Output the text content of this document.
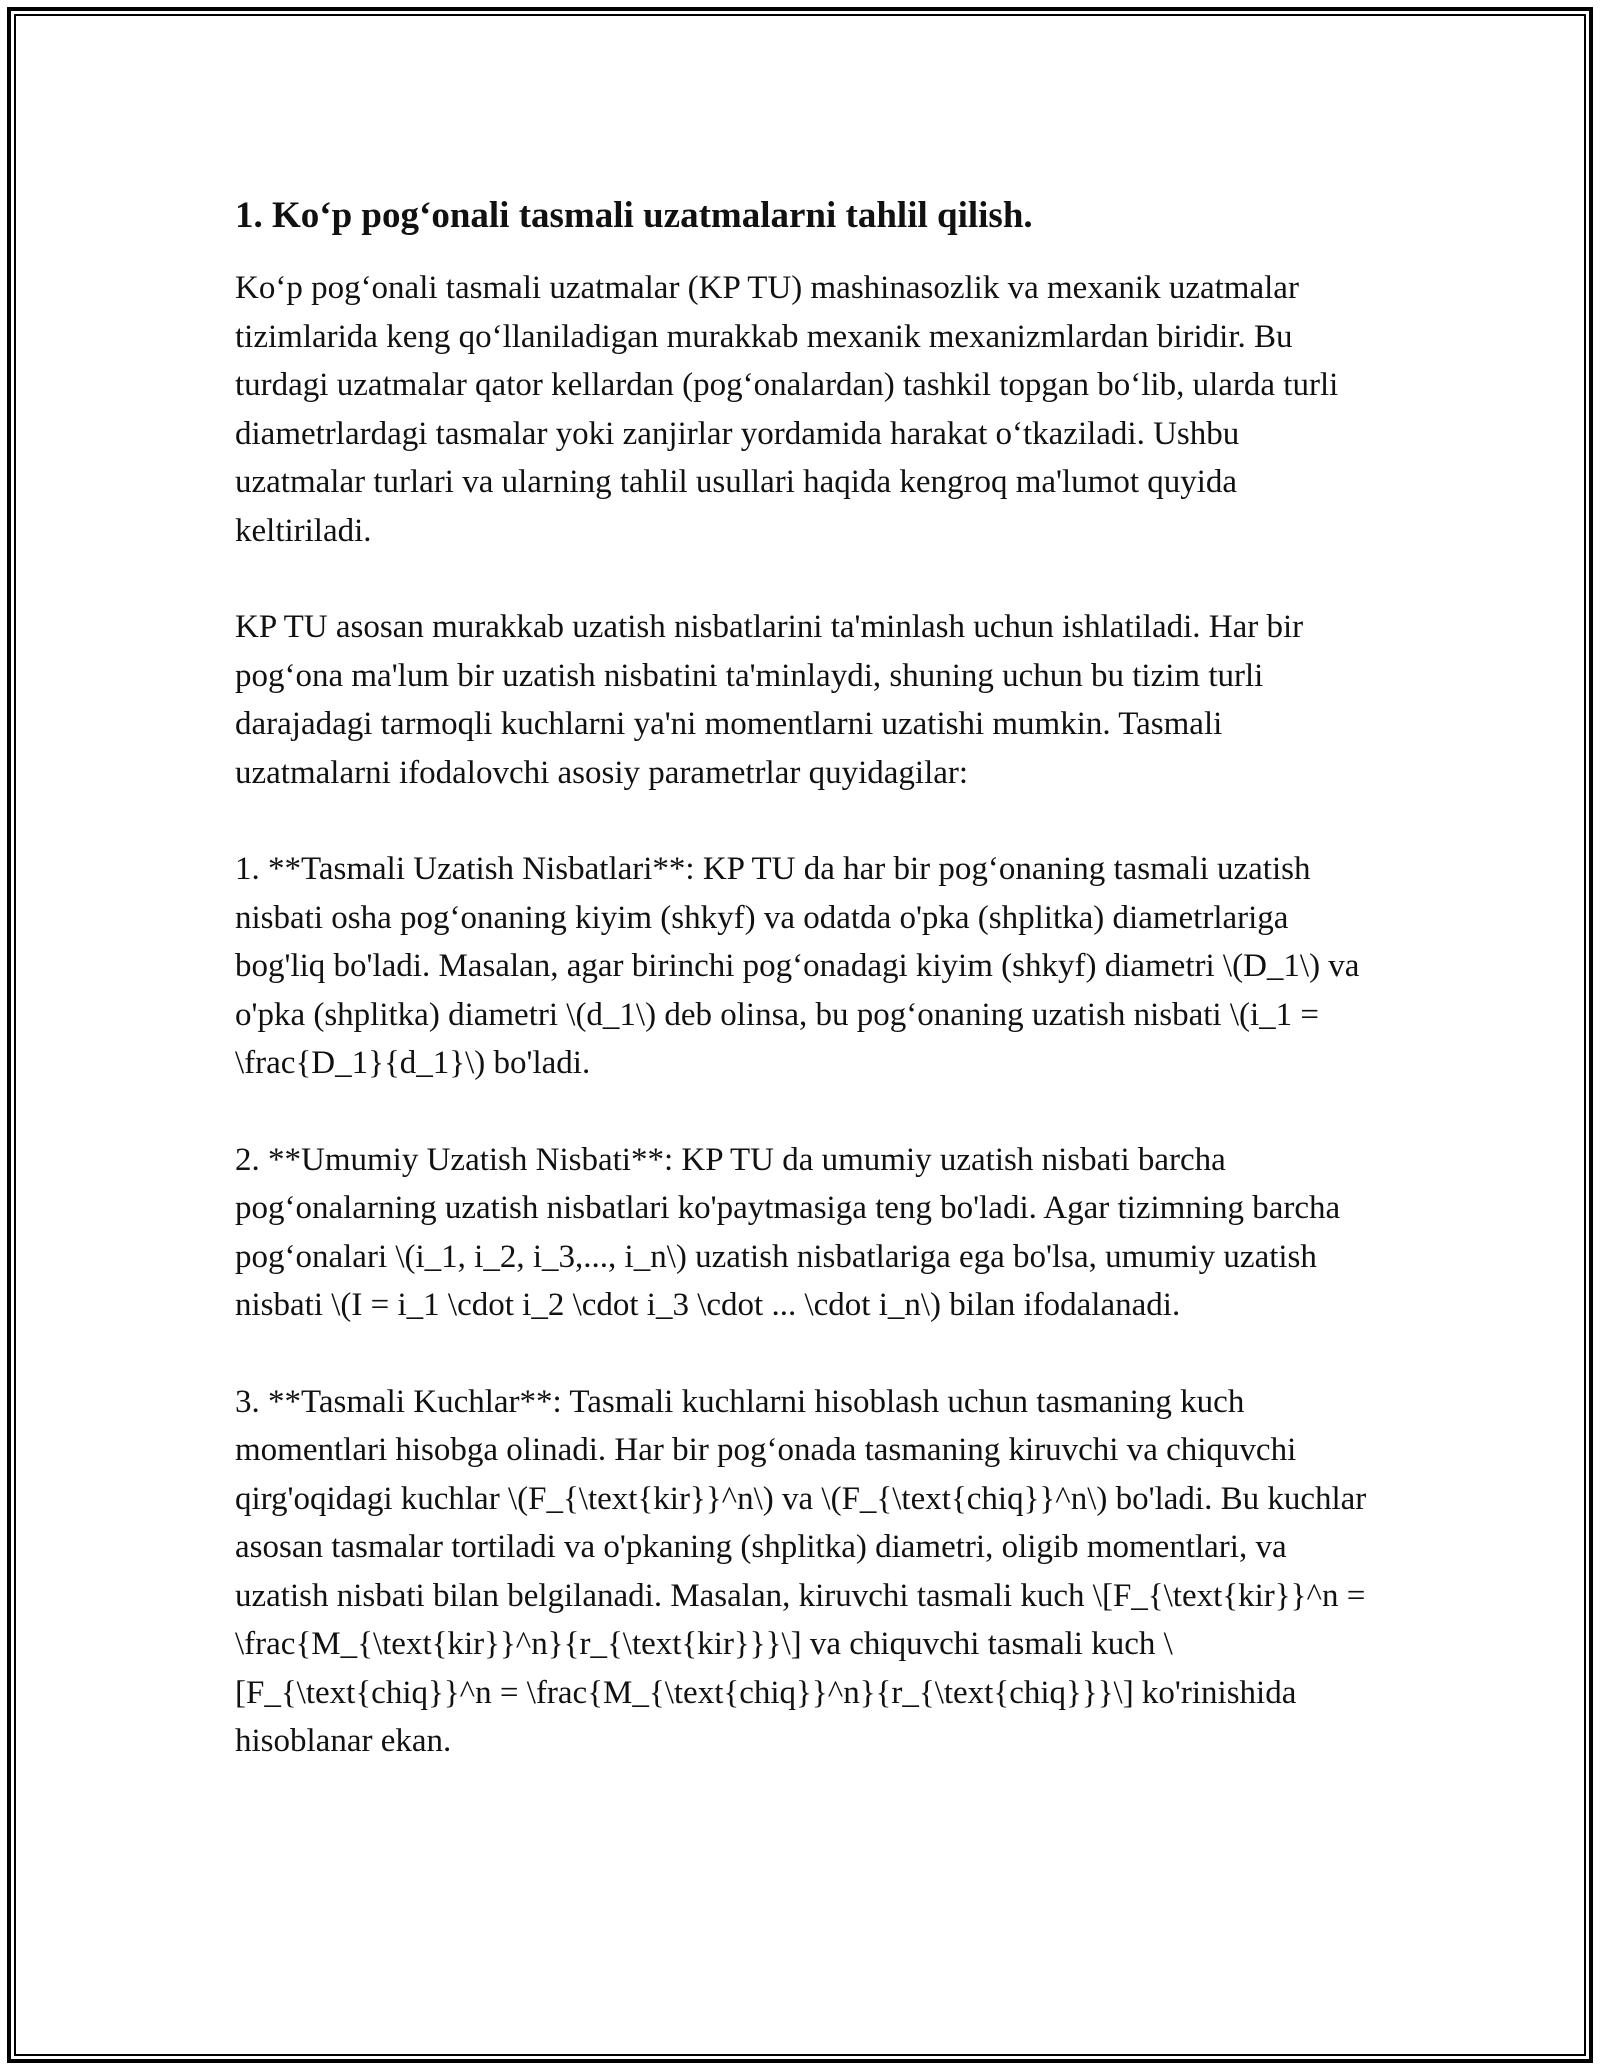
1. Ko‘p pog‘onali tasmali uzatmalarni tahlil qilish.

Ko‘p pog‘onali tasmali uzatmalar (KP TU) mashinasozlik va mexanik uzatmalar tizimlarida keng qo‘llaniladigan murakkab mexanik mexanizmlardan biridir. Bu turdagi uzatmalar qator kellardan (pog‘onalardan) tashkil topgan bo‘lib, ularda turli diametrlardagi tasmalar yoki zanjirlar yordamida harakat o‘tkaziladi. Ushbu uzatmalar turlari va ularning tahlil usullari haqida kengroq ma'lumot quyida keltiriladi.

KP TU asosan murakkab uzatish nisbatlarini ta'minlash uchun ishlatiladi. Har bir pog‘ona ma'lum bir uzatish nisbatini ta'minlaydi, shuning uchun bu tizim turli darajadagi tarmoqli kuchlarni ya'ni momentlarni uzatishi mumkin. Tasmali uzatmalarni ifodalovchi asosiy parametrlar quyidagilar:

1. **Tasmali Uzatish Nisbatlari**: KP TU da har bir pog‘onaning tasmali uzatish nisbati osha pog‘onaning kiyim (shkyf) va odatda o'pka (shplitka) diametrlariga bog'liq bo'ladi. Masalan, agar birinchi pog‘onadagi kiyim (shkyf) diametri \(D_1\) va o'pka (shplitka) diametri \(d_1\) deb olinsa, bu pog‘onaning uzatish nisbati \(i_1 = \frac{D_1}{d_1}\) bo'ladi.

2. **Umumiy Uzatish Nisbati**: KP TU da umumiy uzatish nisbati barcha pog‘onalarning uzatish nisbatlari ko'paytmasiga teng bo'ladi. Agar tizimning barcha pog‘onalari \(i_1, i_2, i_3,..., i_n\) uzatish nisbatlariga ega bo'lsa, umumiy uzatish nisbati \(I = i_1 \cdot i_2 \cdot i_3 \cdot ... \cdot i_n\) bilan ifodalanadi.

3. **Tasmali Kuchlar**: Tasmali kuchlarni hisoblash uchun tasmaning kuch momentlari hisobga olinadi. Har bir pog‘onada tasmaning kiruvchi va chiquvchi qirg'oqidagi kuchlar \(F_{\text{kir}}^n\) va \(F_{\text{chiq}}^n\) bo'ladi. Bu kuchlar asosan tasmalar tortiladi va o'pkaning (shplitka) diametri, oligib momentlari, va uzatish nisbati bilan belgilanadi. Masalan, kiruvchi tasmali kuch \[F_{\text{kir}}^n = \frac{M_{\text{kir}}^n}{r_{\text{kir}}}\] va chiquvchi tasmali kuch \[F_{\text{chiq}}^n = \frac{M_{\text{chiq}}^n}{r_{\text{chiq}}}\] ko'rinishida hisoblanar ekan.
